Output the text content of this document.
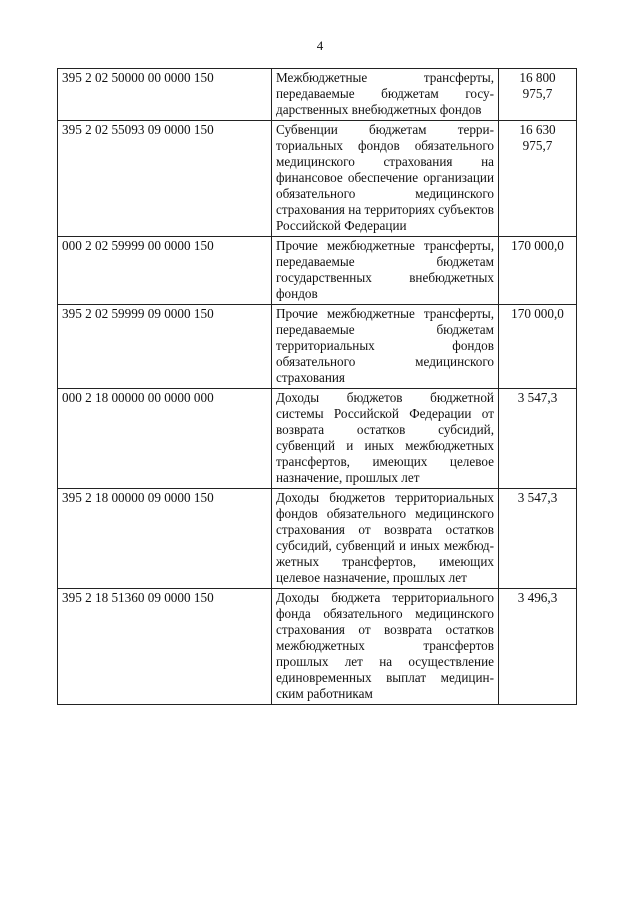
4
395 2 02 50000 00 0000 150	Межбюджетные трансферты, передаваемые бюджетам государственных внебюджетных фондов	16 800 975,7
395 2 02 55093 09 0000 150	Субвенции бюджетам территориальных фондов обязательного медицинского страхования на финансовое обеспечение организации обязательного медицинского страхования на территориях субъектов Российской Федерации	16 630 975,7
000 2 02 59999 00 0000 150	Прочие межбюджетные трансферты, передаваемые бюджетам государственных внебюджетных фондов	170 000,0
395 2 02 59999 09 0000 150	Прочие межбюджетные трансферты, передаваемые бюджетам территориальных фондов обязательного медицинского страхования	170 000,0
000 2 18 00000 00 0000 000	Доходы бюджетов бюджетной системы Российской Федерации от возврата остатков субсидий, субвенций и иных межбюджетных трансфертов, имеющих целевое назначение, прошлых лет	3 547,3
395 2 18 00000 09 0000 150	Доходы бюджетов территориальных фондов обязательного медицинского страхования от возврата остатков субсидий, субвенций и иных межбюджетных трансфертов, имеющих целевое назначение, прошлых лет	3 547,3
395 2 18 51360 09 0000 150	Доходы бюджета территориального фонда обязательного медицинского страхования от возврата остатков межбюджетных трансфертов прошлых лет на осуществление единовременных выплат медицинским работникам	3 496,3
